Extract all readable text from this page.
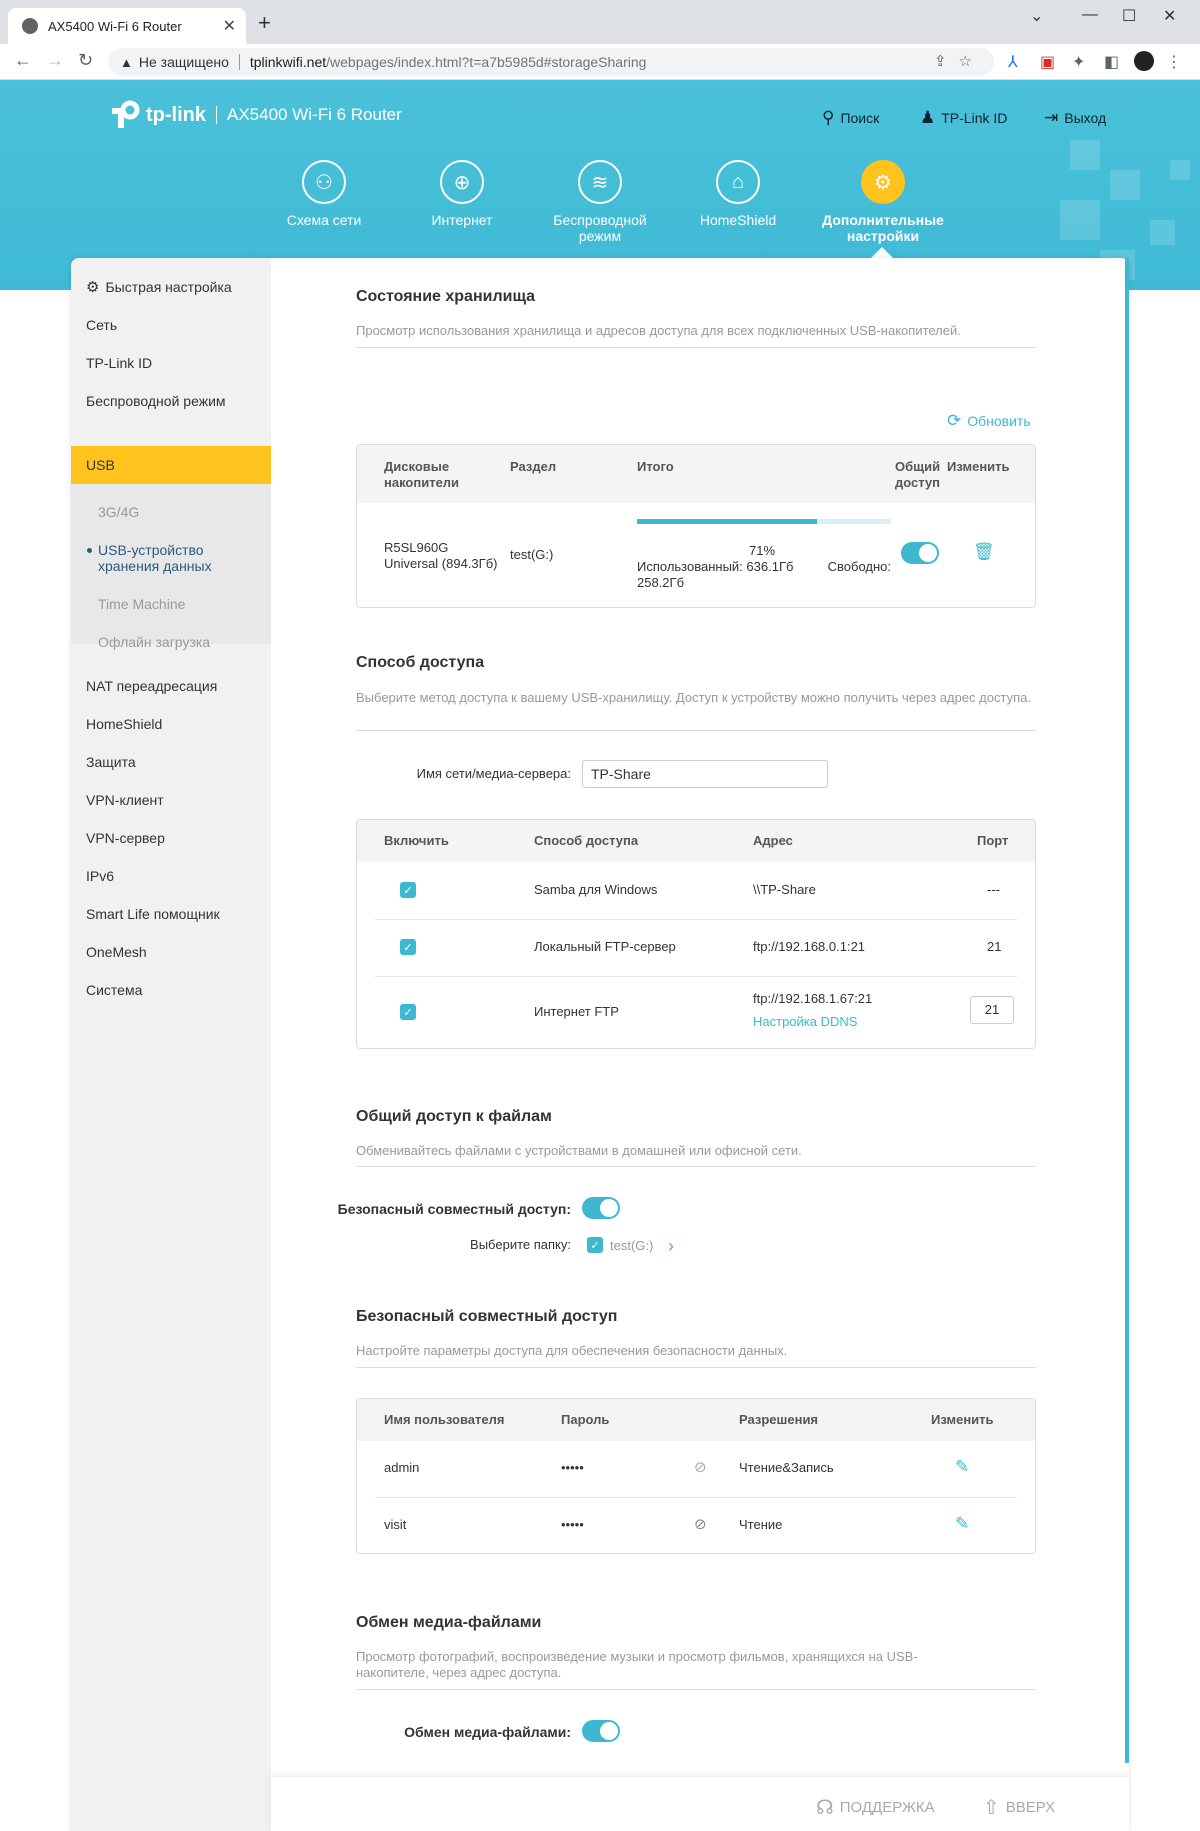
AX5400 Wi-Fi 6 Router	✕ +	⌄ — ☐ ✕
← → ↻ ▲ Не защищено tplinkwifi.net /webpages/index.html?t=a7b5985d#storageSharing	⇪☆ ⅄ ▣ ✦ ◧	⋮
tp-link AX5400 Wi-Fi 6 Router	⚲ Поиск ♟ TP-Link ID ⇥ Выход
⚇
Схема сети
⊕
Интернет
≋
Беспроводной режим
⌂
HomeShield
⚙
Дополнительные настройки
⚙ Быстрая настройка
Сеть
TP-Link ID
Беспроводной режим
USB
3G/4G
USB-устройство хранения данных
Time Machine
Офлайн загрузка
NAT переадресация
HomeShield
Защита
VPN-клиент
VPN-сервер
IPv6
Smart Life помощник
OneMesh
Система
Состояние хранилища
Просмотр использования хранилища и адресов доступа для всех подключенных USB-накопителей.
⟳ Обновить
Дисковые накопители
Раздел	Итого	Общий доступ
Изменить
R5SL960G Universal (894.3Гб)
test(G:)	71%
Использованный: 636.1Гб	Свободно:
258.2Гб
🗑
Способ доступа
Выберите метод доступа к вашему USB-хранилищу. Доступ к устройству можно получить через адрес доступа.
Имя сети/медиа-сервера:	TP-Share
Включить	Способ доступа	Адрес	Порт
✓	Samba для Windows	\\TP-Share	---
✓	Локальный FTP-сервер	ftp://192.168.0.1:21	21
✓	Интернет FTP
ftp://192.168.1.67:21
Настройка DDNS
21
Общий доступ к файлам
Обменивайтесь файлами с устройствами в домашней или офисной сети.
Безопасный совместный доступ:
Выберите папку:	✓ test(G:) ›
Безопасный совместный доступ
Настройте параметры доступа для обеспечения безопасности данных.
Имя пользователя	Пароль	Разрешения	Изменить
admin	•••••	⊘ Чтение&Запись	✎
visit	•••••	⊘ Чтение	✎
Обмен медиа-файлами
Просмотр фотографий, воспроизведение музыки и просмотр фильмов, хранящихся на USB-накопителе, через адрес доступа.
Обмен медиа-файлами:
☊ ПОДДЕРЖКА ⇧ ВВЕРХ
